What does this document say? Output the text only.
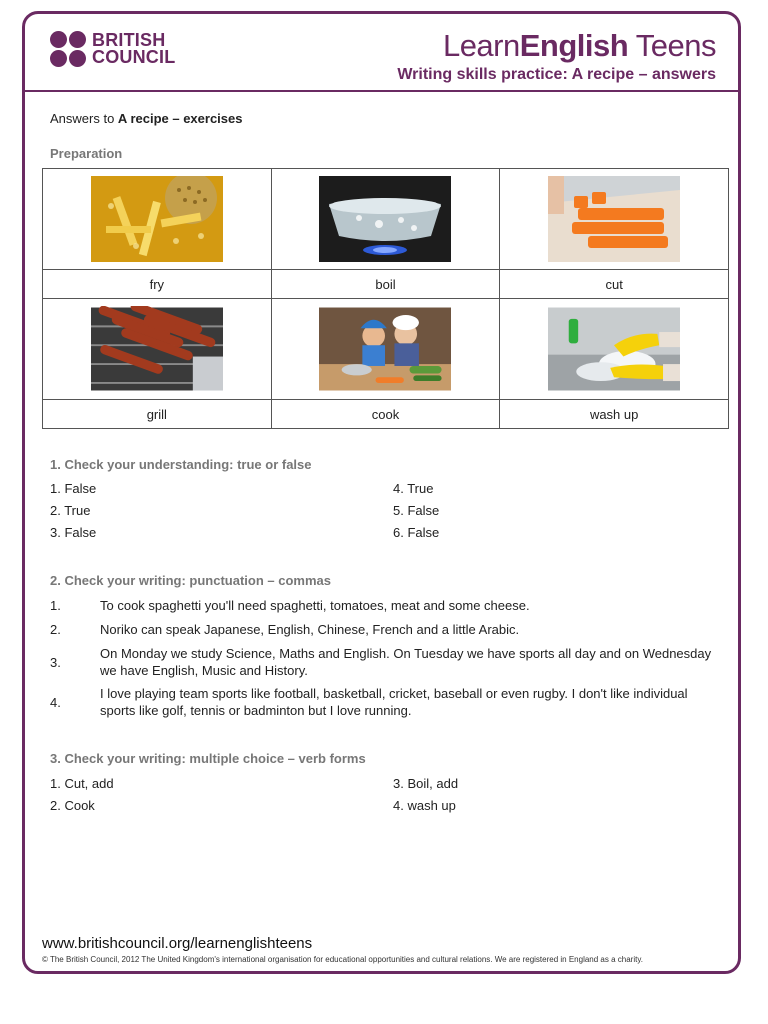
BRITISH
COUNCIL	LearnEnglish Teens
Writing skills practice: A recipe – answers
Answers to A recipe – exercises
Preparation

fry	boil	cut

grill	cook	wash up
1. Check your understanding: true or false
1. False
2. True
3. False
4. True
5. False
6. False
2. Check your writing: punctuation – commas
1.	To cook spaghetti you'll need spaghetti, tomatoes, meat and some cheese.
2.	Noriko can speak Japanese, English, Chinese, French and a little Arabic.
3.
On Monday we study Science, Maths and English. On Tuesday we have sports all day and on Wednesday we have English, Music and History.
4.
I love playing team sports like football, basketball, cricket, baseball or even rugby. I don't like individual sports like golf, tennis or badminton but I love running.
3. Check your writing: multiple choice – verb forms
1. Cut, add
2. Cook
3. Boil, add
4. wash up
www.britishcouncil.org/learnenglishteens
© The British Council, 2012 The United Kingdom's international organisation for educational opportunities and cultural relations. We are registered in England as a charity.
